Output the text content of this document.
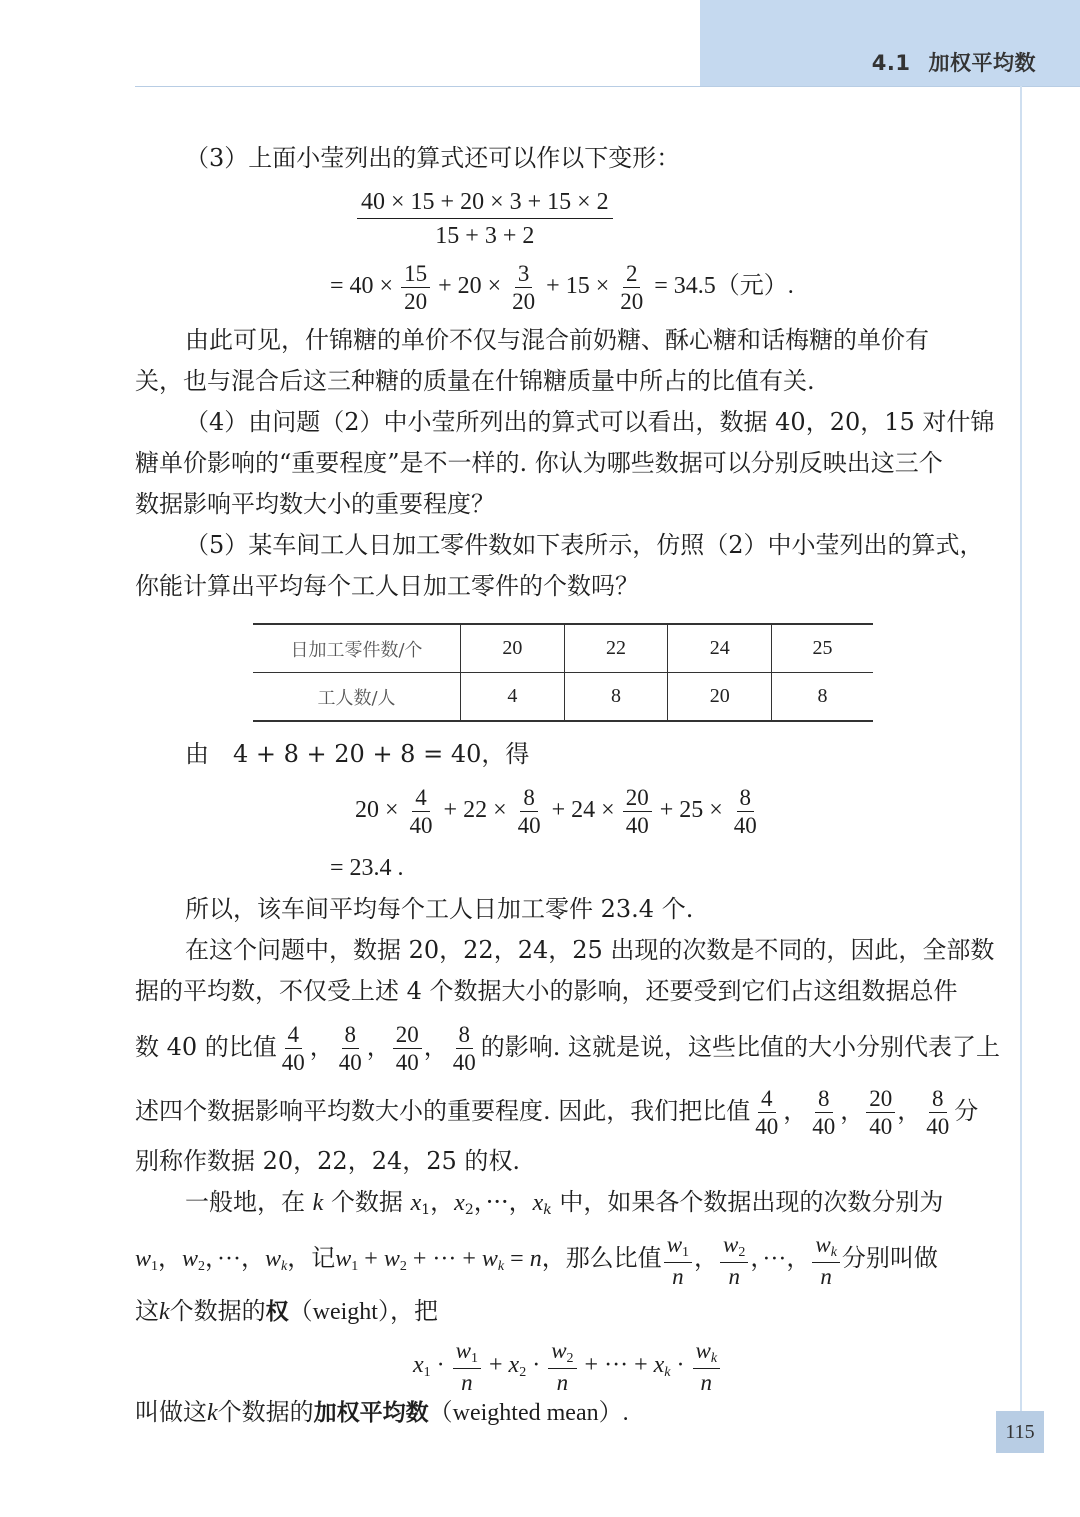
4.1 加权平均数
（3）上面小莹列出的算式还可以作以下变形：
$\frac{40 \times 15 + 20 \times 3 + 15 \times 2}{15 + 3 + 2}$
= $40 \times \frac{15}{20} + 20 \times \frac{3}{20} + 15 \times \frac{2}{20} = 34.5$（元）.
由此可见，什锦糖的单价不仅与混合前奶糖、酥心糖和话梅糖的单价有
关，也与混合后这三种糖的质量在什锦糖质量中所占的比值有关.
（4）由问题（2）中小莹所列出的算式可以看出，数据 40，20，15 对什锦
糖单价影响的“重要程度”是不一样的. 你认为哪些数据可以分别反映出这三个
数据影响平均数大小的重要程度？
（5）某车间工人日加工零件数如下表所示，仿照（2）中小莹列出的算式，
你能计算出平均每个工人日加工零件的个数吗？
日加工零件数/个	20	22	24	25
工人数/人	4	8	20	8
由　4 + 8 + 20 + 8 = 40，得
$20 \times \frac{4}{40} + 22 \times \frac{8}{40} + 24 \times \frac{20}{40} + 25 \times \frac{8}{40}$
= 23.4 .
所以，该车间平均每个工人日加工零件 23.4 个.
在这个问题中，数据 20，22，24，25 出现的次数是不同的，因此，全部数
据的平均数，不仅受上述 4 个数据大小的影响，还要受到它们占这组数据总件
数 40 的比值 $\frac{4}{40}$ ， $\frac{8}{40}$ ， $\frac{20}{40}$ ， $\frac{8}{40}$ 的影响. 这就是说，这些比值的大小分别代表了上
述四个数据影响平均数大小的重要程度. 因此，我们把比值 $\frac{4}{40}$ ， $\frac{8}{40}$ ， $\frac{20}{40}$ ， $\frac{8}{40}$ 分
别称作数据 20，22，24，25 的权.
一般地，在 k 个数据 $x_1$，$x_2$，···，$x_k$ 中，如果各个数据出现的次数分别为
$w_1$，$w_2$，···，$w_k$，记$w_1 + w_2$ + ··· + $w_k = n$，那么比值 $\frac{w_1}{n}$ ， $\frac{w_2}{n}$ ，···， $\frac{w_k}{n}$ 分别叫做
这k个数据的权（weight），把
$x_1 \cdot \frac{w_1}{n} + x_2 \cdot \frac{w_2}{n}$ + ··· + $x_k \cdot \frac{w_k}{n}$
叫做这k个数据的加权平均数（weighted mean）.
115
